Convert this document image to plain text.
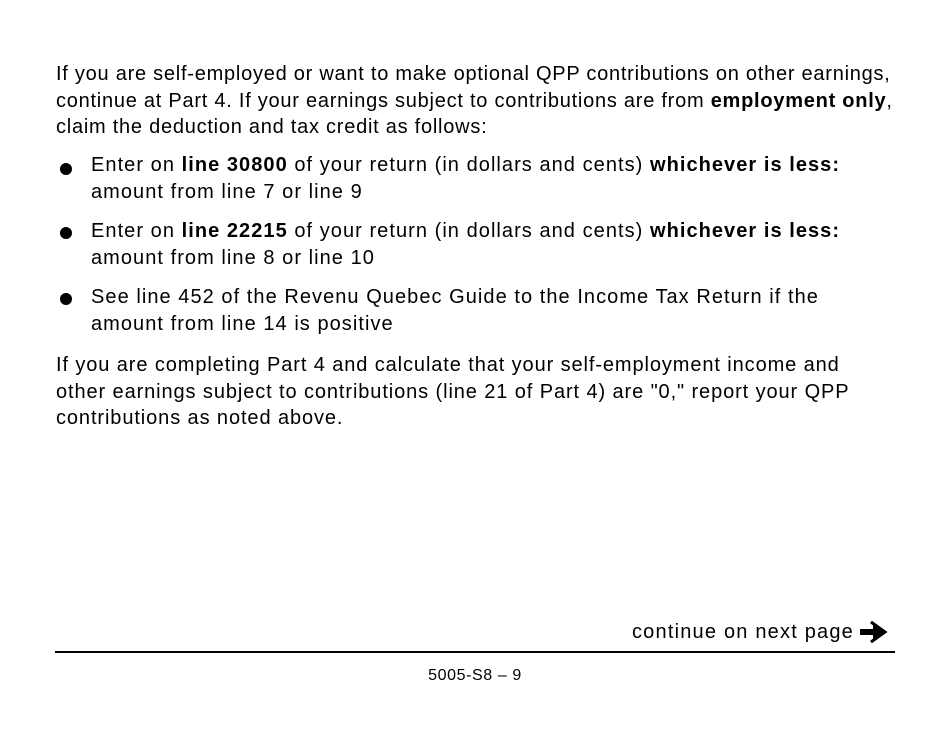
If you are self-employed or want to make optional QPP contributions on other earnings, continue at Part 4. If your earnings subject to contributions are from employment only, claim the deduction and tax credit as follows:

Enter on line 30800 of your return (in dollars and cents) whichever is less: amount from line 7 or line 9
Enter on line 22215 of your return (in dollars and cents) whichever is less: amount from line 8 or line 10
See line 452 of the Revenu Quebec Guide to the Income Tax Return if the amount from line 14 is positive

If you are completing Part 4 and calculate that your self-employment income and other earnings subject to contributions (line 21 of Part 4) are "0," report your QPP contributions as noted above.

continue on next page
5005-S8 – 9
